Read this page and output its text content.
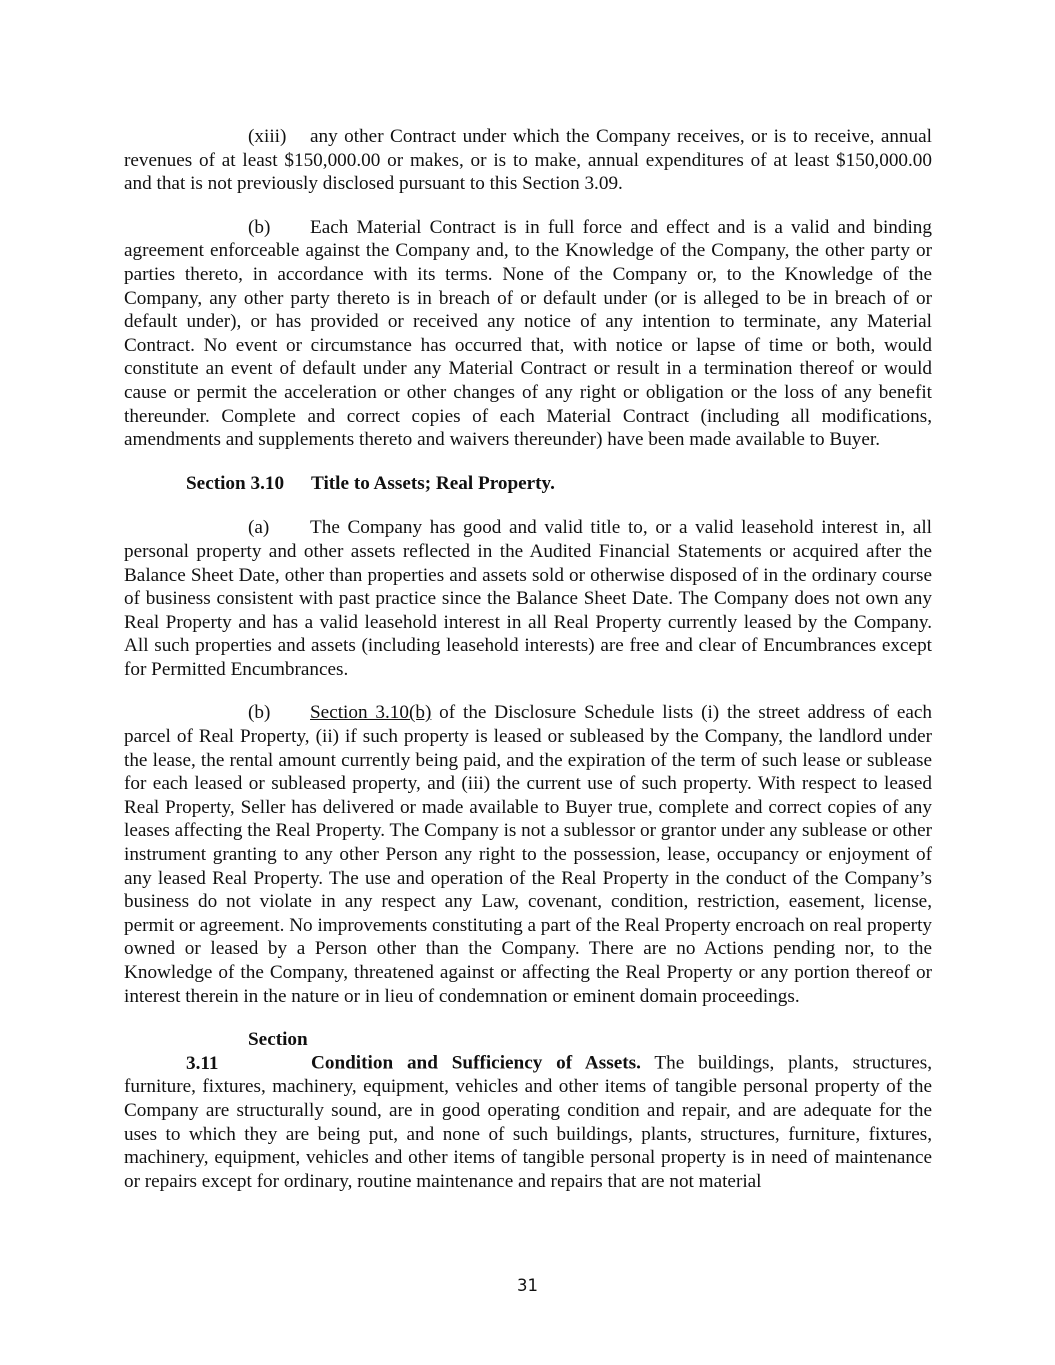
(xiii) any other Contract under which the Company receives, or is to receive, annual revenues of at least $150,000.00 or makes, or is to make, annual expenditures of at least $150,000.00 and that is not previously disclosed pursuant to this Section 3.09.

(b) Each Material Contract is in full force and effect and is a valid and binding agreement enforceable against the Company and, to the Knowledge of the Company, the other party or parties thereto, in accordance with its terms. None of the Company or, to the Knowledge of the Company, any other party thereto is in breach of or default under (or is alleged to be in breach of or default under), or has provided or received any notice of any intention to terminate, any Material Contract. No event or circumstance has occurred that, with notice or lapse of time or both, would constitute an event of default under any Material Contract or result in a termination thereof or would cause or permit the acceleration or other changes of any right or obligation or the loss of any benefit thereunder. Complete and correct copies of each Material Contract (including all modifications, amendments and supplements thereto and waivers thereunder) have been made available to Buyer.

Section 3.10 Title to Assets; Real Property.

(a) The Company has good and valid title to, or a valid leasehold interest in, all personal property and other assets reflected in the Audited Financial Statements or acquired after the Balance Sheet Date, other than properties and assets sold or otherwise disposed of in the ordinary course of business consistent with past practice since the Balance Sheet Date. The Company does not own any Real Property and has a valid leasehold interest in all Real Property currently leased by the Company. All such properties and assets (including leasehold interests) are free and clear of Encumbrances except for Permitted Encumbrances.

(b) Section 3.10(b) of the Disclosure Schedule lists (i) the street address of each parcel of Real Property, (ii) if such property is leased or subleased by the Company, the landlord under the lease, the rental amount currently being paid, and the expiration of the term of such lease or sublease for each leased or subleased property, and (iii) the current use of such property. With respect to leased Real Property, Seller has delivered or made available to Buyer true, complete and correct copies of any leases affecting the Real Property. The Company is not a sublessor or grantor under any sublease or other instrument granting to any other Person any right to the possession, lease, occupancy or enjoyment of any leased Real Property. The use and operation of the Real Property in the conduct of the Company’s business do not violate in any respect any Law, covenant, condition, restriction, easement, license, permit or agreement. No improvements constituting a part of the Real Property encroach on real property owned or leased by a Person other than the Company. There are no Actions pending nor, to the Knowledge of the Company, threatened against or affecting the Real Property or any portion thereof or interest therein in the nature or in lieu of condemnation or eminent domain proceedings.

Section 3.11	Condition and Sufficiency of Assets. The buildings, plants, structures, furniture, fixtures, machinery, equipment, vehicles and other items of tangible personal property of the Company are structurally sound, are in good operating condition and repair, and are adequate for the uses to which they are being put, and none of such buildings, plants, structures, furniture, fixtures, machinery, equipment, vehicles and other items of tangible personal property is in need of maintenance or repairs except for ordinary, routine maintenance and repairs that are not material

31
